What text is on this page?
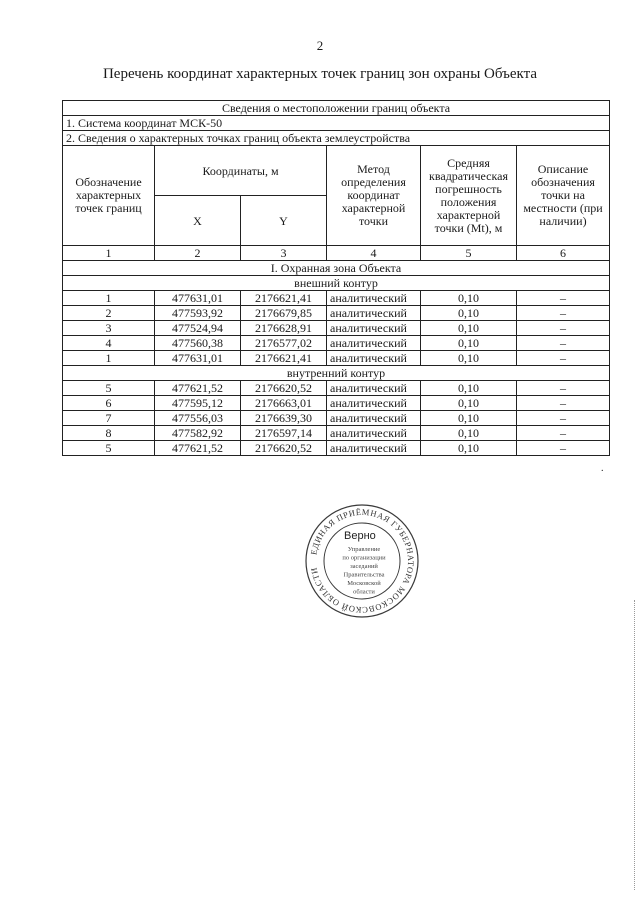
2
Перечень координат характерных точек границ зон охраны Объекта
Сведения о местоположении границ объекта					
1. Система координат МСК-50					
2. Сведения о характерных точках границ объекта землеустройства					
Обозначение характерных точек границ	Координаты, м		Метод определения координат характерной точки	Средняя квадратическая погрешность положения характерной точки (Mt), м	Описание обозначения точки на местности (при наличии)
	X	Y			
1	2	3	4	5	6
I. Охранная зона Объекта					
внешний контур					
1	477631,01	2176621,41	аналитический	0,10	–
2	477593,92	2176679,85	аналитический	0,10	–
3	477524,94	2176628,91	аналитический	0,10	–
4	477560,38	2176577,02	аналитический	0,10	–
1	477631,01	2176621,41	аналитический	0,10	–
внутренний контур					
5	477621,52	2176620,52	аналитический	0,10	–
6	477595,12	2176663,01	аналитический	0,10	–
7	477556,03	2176639,30	аналитический	0,10	–
8	477582,92	2176597,14	аналитический	0,10	–
5	477621,52	2176620,52	аналитический	0,10	–
.
ЕДИНАЯ ПРИЁМНАЯ ГУБЕРНАТОРА МОСКОВСКОЙ ОБЛАСТИ
Верно
Управление
по организации
заседаний
Правительства
Московской
области
